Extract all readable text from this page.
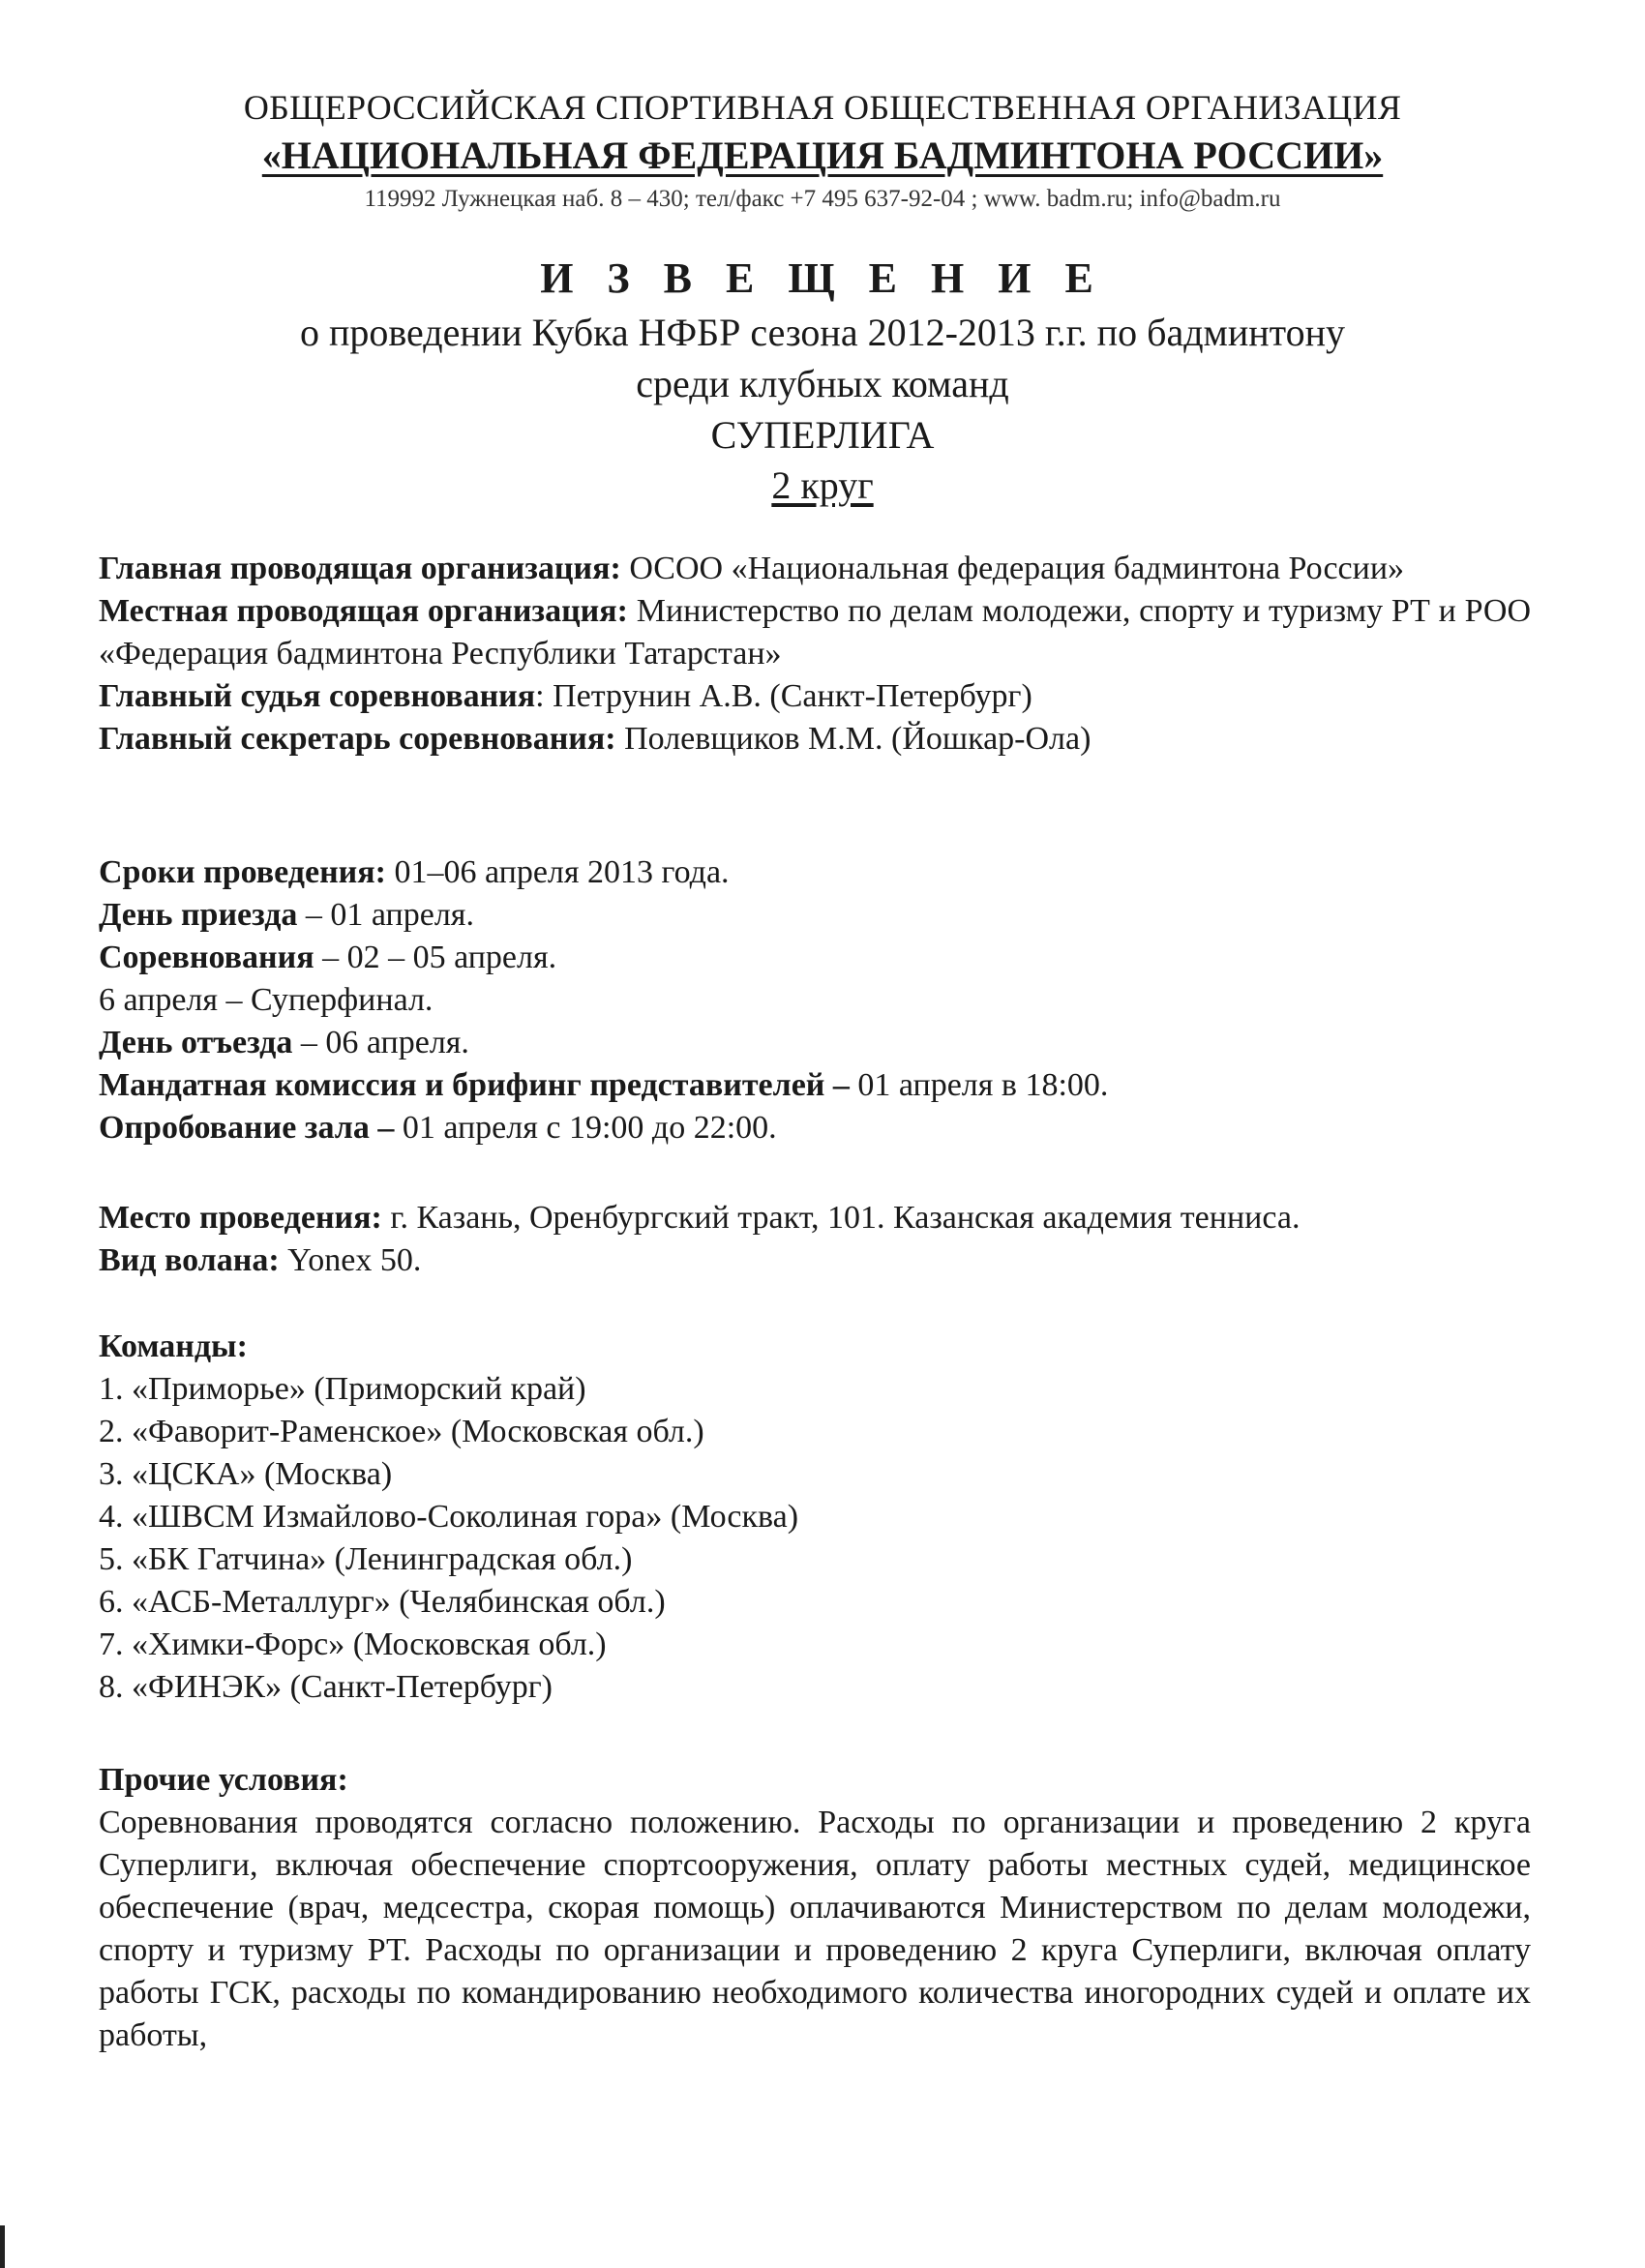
ОБЩЕРОССИЙСКАЯ СПОРТИВНАЯ ОБЩЕСТВЕННАЯ ОРГАНИЗАЦИЯ
«НАЦИОНАЛЬНАЯ ФЕДЕРАЦИЯ БАДМИНТОНА РОССИИ»
119992 Лужнецкая наб. 8 – 430; тел/факс +7 495 637-92-04 ; www. badm.ru; info@badm.ru
И З В Е Щ Е Н И Е
о проведении Кубка НФБР сезона 2012-2013 г.г. по бадминтону
среди клубных команд
СУПЕРЛИГА
2 круг

Главная проводящая организация: ОСОО «Национальная федерация бадминтона России»

Местная проводящая организация: Министерство по делам молодежи, спорту и туризму РТ и РОО «Федерация бадминтона Республики Татарстан»

Главный судья соревнования: Петрунин А.В. (Санкт-Петербург)

Главный секретарь соревнования: Полевщиков М.М. (Йошкар-Ола)

Сроки проведения: 01–06 апреля 2013 года.

День приезда – 01 апреля.

Соревнования – 02 – 05 апреля.

6 апреля – Суперфинал.

День отъезда – 06 апреля.

Мандатная комиссия и брифинг представителей – 01 апреля в 18:00.

Опробование зала – 01 апреля с 19:00 до 22:00.

Место проведения: г. Казань, Оренбургский тракт, 101. Казанская академия тенниса.

Вид волана: Yonex 50.

Команды:

1. «Приморье» (Приморский край)

2. «Фаворит-Раменское» (Московская обл.)

3. «ЦСКА» (Москва)

4. «ШВСМ Измайлово-Соколиная гора» (Москва)

5. «БК Гатчина» (Ленинградская обл.)

6. «АСБ-Металлург» (Челябинская обл.)

7. «Химки-Форс» (Московская обл.)

8. «ФИНЭК» (Санкт-Петербург)

Прочие условия:

Соревнования проводятся согласно положению. Расходы по организации и проведению 2 круга Суперлиги, включая обеспечение спортсооружения, оплату работы местных судей, медицинское обеспечение (врач, медсестра, скорая помощь) оплачиваются Министерством по делам молодежи, спорту и туризму РТ. Расходы по организации и проведению 2 круга Суперлиги, включая оплату работы ГСК, расходы по командированию необходимого количества иногородних судей и оплате их работы,
